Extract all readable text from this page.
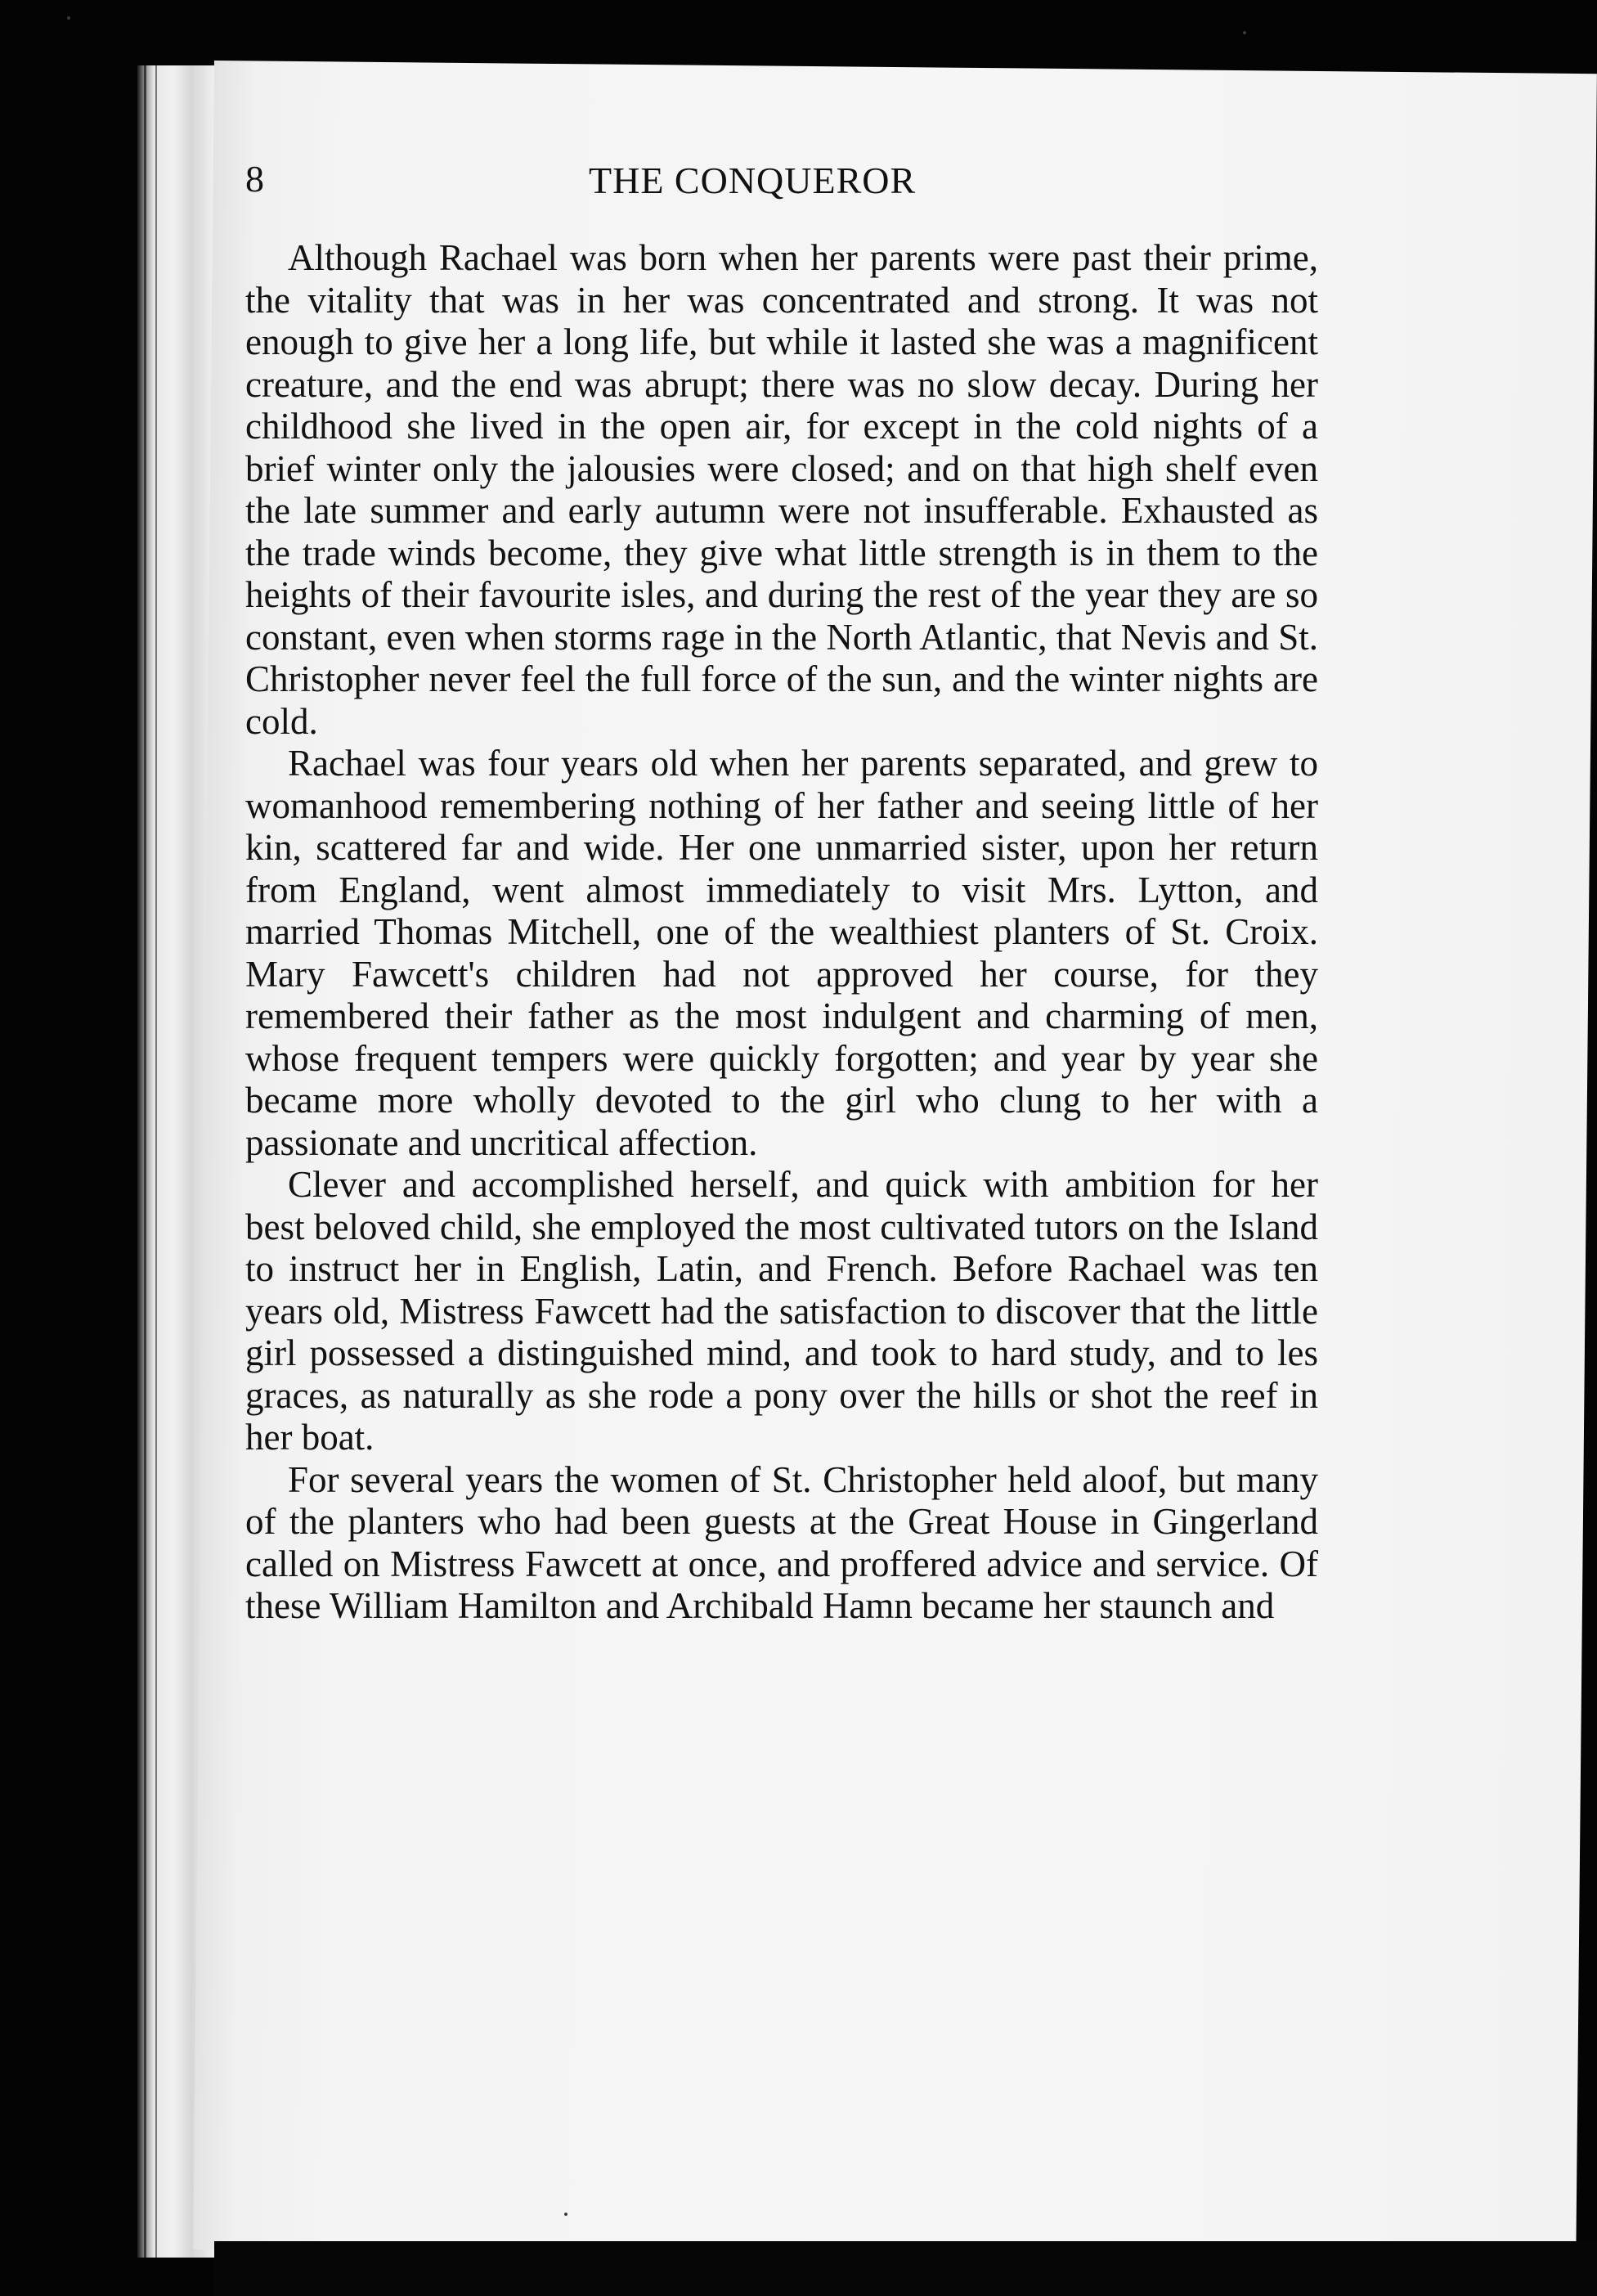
8	THE CONQUEROR

Although Rachael was born when her parents were past their prime, the vitality that was in her was concentrated and strong. It was not enough to give her a long life, but while it lasted she was a magnificent creature, and the end was abrupt; there was no slow decay. During her childhood she lived in the open air, for except in the cold nights of a brief winter only the jalousies were closed; and on that high shelf even the late summer and early autumn were not insufferable. Exhausted as the trade winds become, they give what little strength is in them to the heights of their favourite isles, and during the rest of the year they are so constant, even when storms rage in the North Atlantic, that Nevis and St. Christopher never feel the full force of the sun, and the winter nights are cold.

Rachael was four years old when her parents separated, and grew to womanhood remembering nothing of her father and seeing little of her kin, scattered far and wide. Her one unmarried sister, upon her return from England, went almost immediately to visit Mrs. Lytton, and married Thomas Mitchell, one of the wealthiest planters of St. Croix. Mary Fawcett's children had not approved her course, for they remembered their father as the most indulgent and charming of men, whose frequent tempers were quickly forgotten; and year by year she became more wholly devoted to the girl who clung to her with a passionate and uncritical affection.

Clever and accomplished herself, and quick with ambition for her best beloved child, she employed the most cultivated tutors on the Island to instruct her in English, Latin, and French. Before Rachael was ten years old, Mistress Fawcett had the satisfaction to discover that the little girl possessed a distinguished mind, and took to hard study, and to les graces, as naturally as she rode a pony over the hills or shot the reef in her boat.

For several years the women of St. Christopher held aloof, but many of the planters who had been guests at the Great House in Gingerland called on Mistress Fawcett at once, and proffered advice and service. Of these William Hamilton and Archibald Hamn became her staunch and
